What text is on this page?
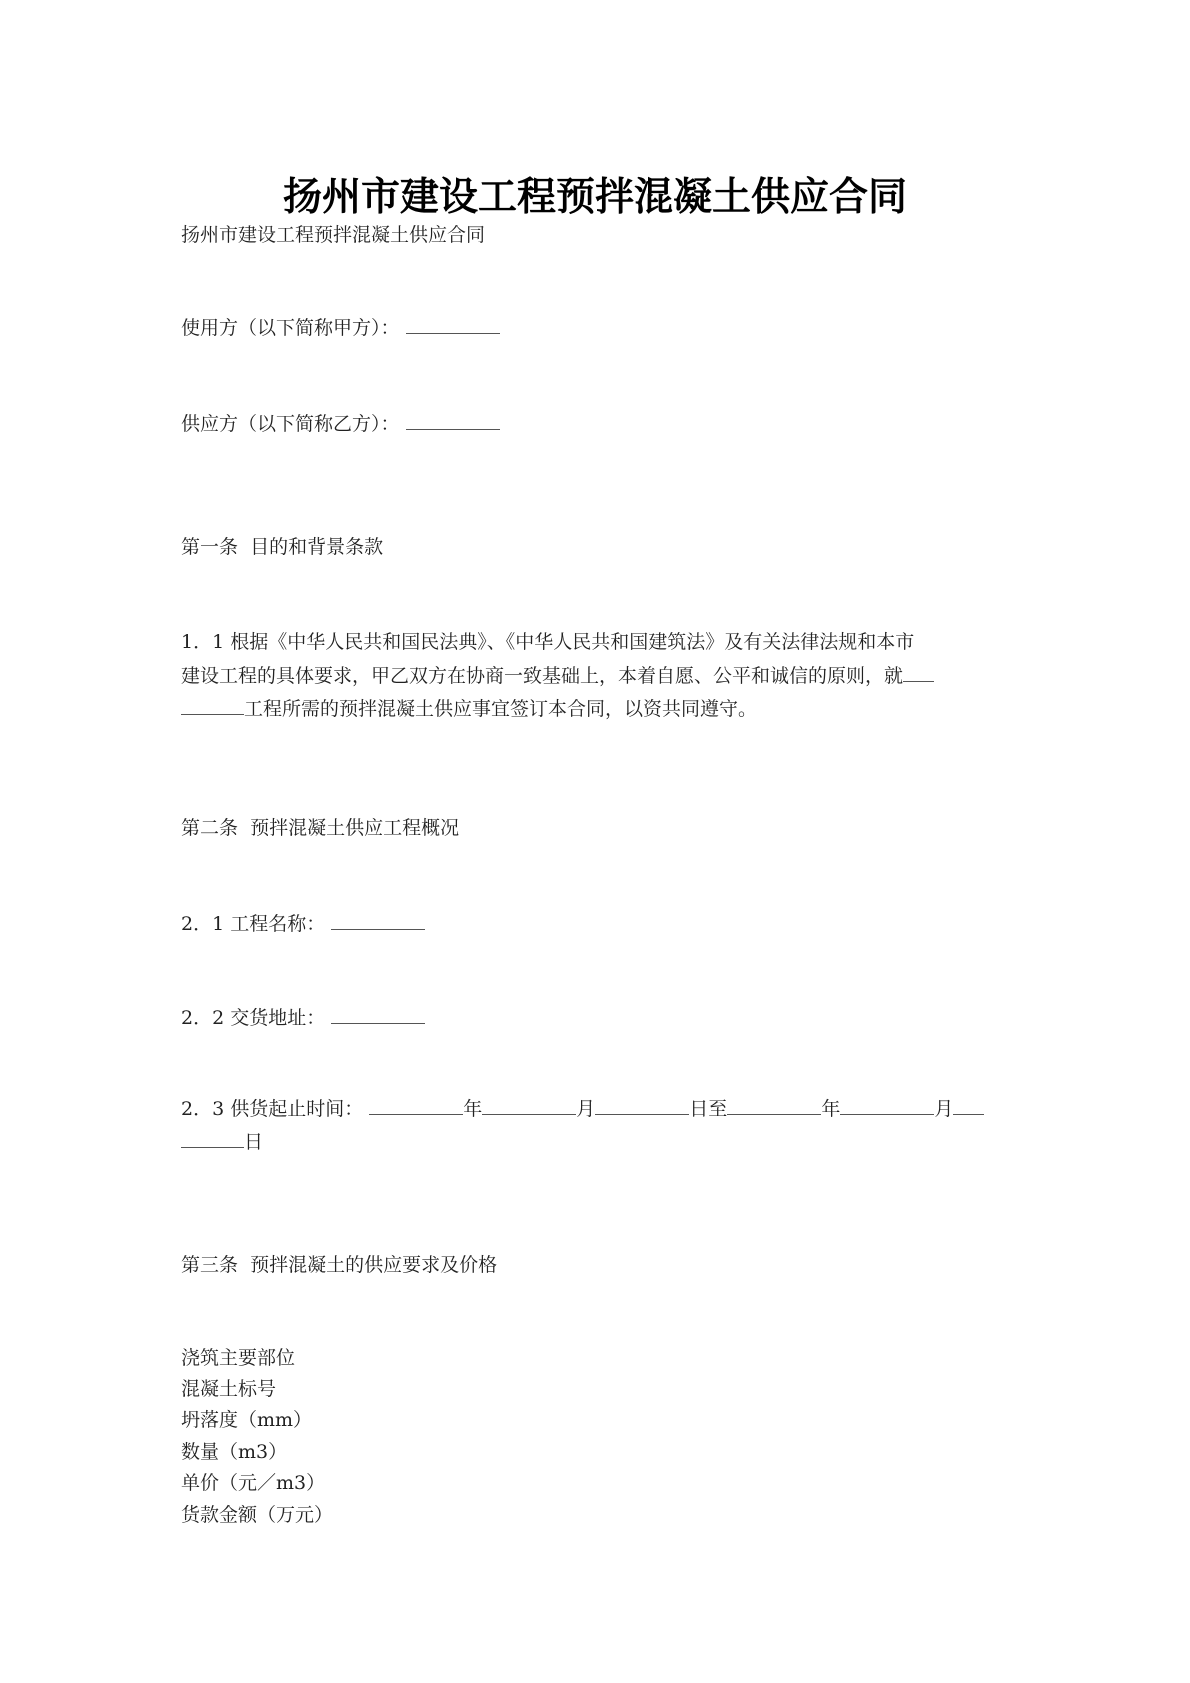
扬州市建设工程预拌混凝土供应合同
扬州市建设工程预拌混凝土供应合同
使用方（以下简称甲方）：
供应方（以下简称乙方）：
第一条  目的和背景条款
1．1 根据《中华人民共和国民法典》、《中华人民共和国建筑法》及有关法律法规和本市
建设工程的具体要求，甲乙双方在协商一致基础上，本着自愿、公平和诚信的原则，就
工程所需的预拌混凝土供应事宜签订本合同，以资共同遵守。
第二条  预拌混凝土供应工程概况
2．1 工程名称：
2．2 交货地址：
2．3 供货起止时间：	年	月	日至	年	月
日
第三条  预拌混凝土的供应要求及价格
浇筑主要部位
混凝土标号
坍落度（mm）
数量（m3）
单价（元／m3）
货款金额（万元）
